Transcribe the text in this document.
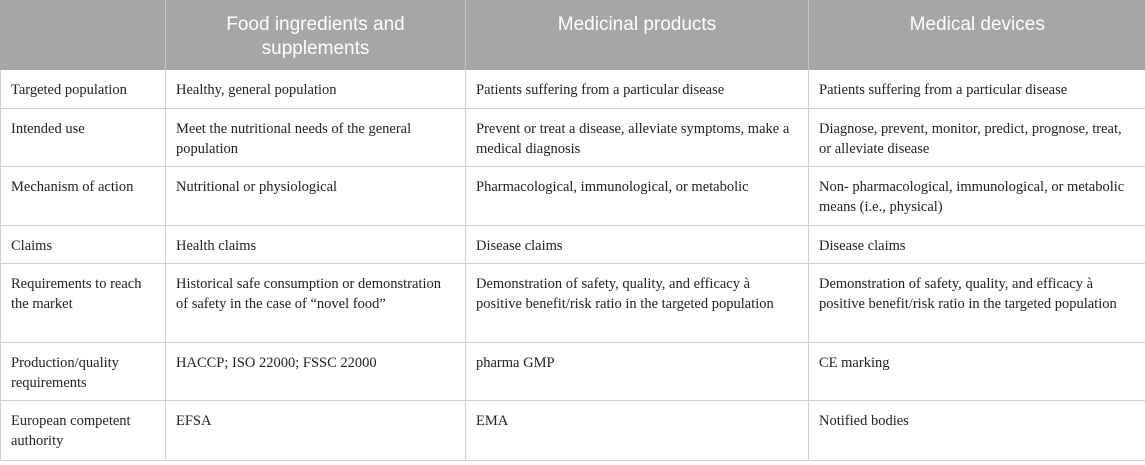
	Food ingredients and supplements	Medicinal products	Medical devices
Targeted population	Healthy, general population	Patients suffering from a particular disease	Patients suffering from a particular disease
Intended use	Meet the nutritional needs of the general population	Prevent or treat a disease, alleviate symptoms, make a medical diagnosis	Diagnose, prevent, monitor, predict, prognose, treat, or alleviate disease
Mechanism of action	Nutritional or physiological	Pharmacological, immunological, or metabolic	Non- pharmacological, immunological, or metabolic means (i.e., physical)
Claims	Health claims	Disease claims	Disease claims
Requirements to reach the market	Historical safe consumption or demonstration of safety in the case of “novel food”	Demonstration of safety, quality, and efficacy à positive benefit/risk ratio in the targeted population	Demonstration of safety, quality, and efficacy à positive benefit/risk ratio in the targeted population
Production/quality requirements	HACCP; ISO 22000; FSSC 22000	pharma GMP	CE marking
European competent authority	EFSA	EMA	Notified bodies
